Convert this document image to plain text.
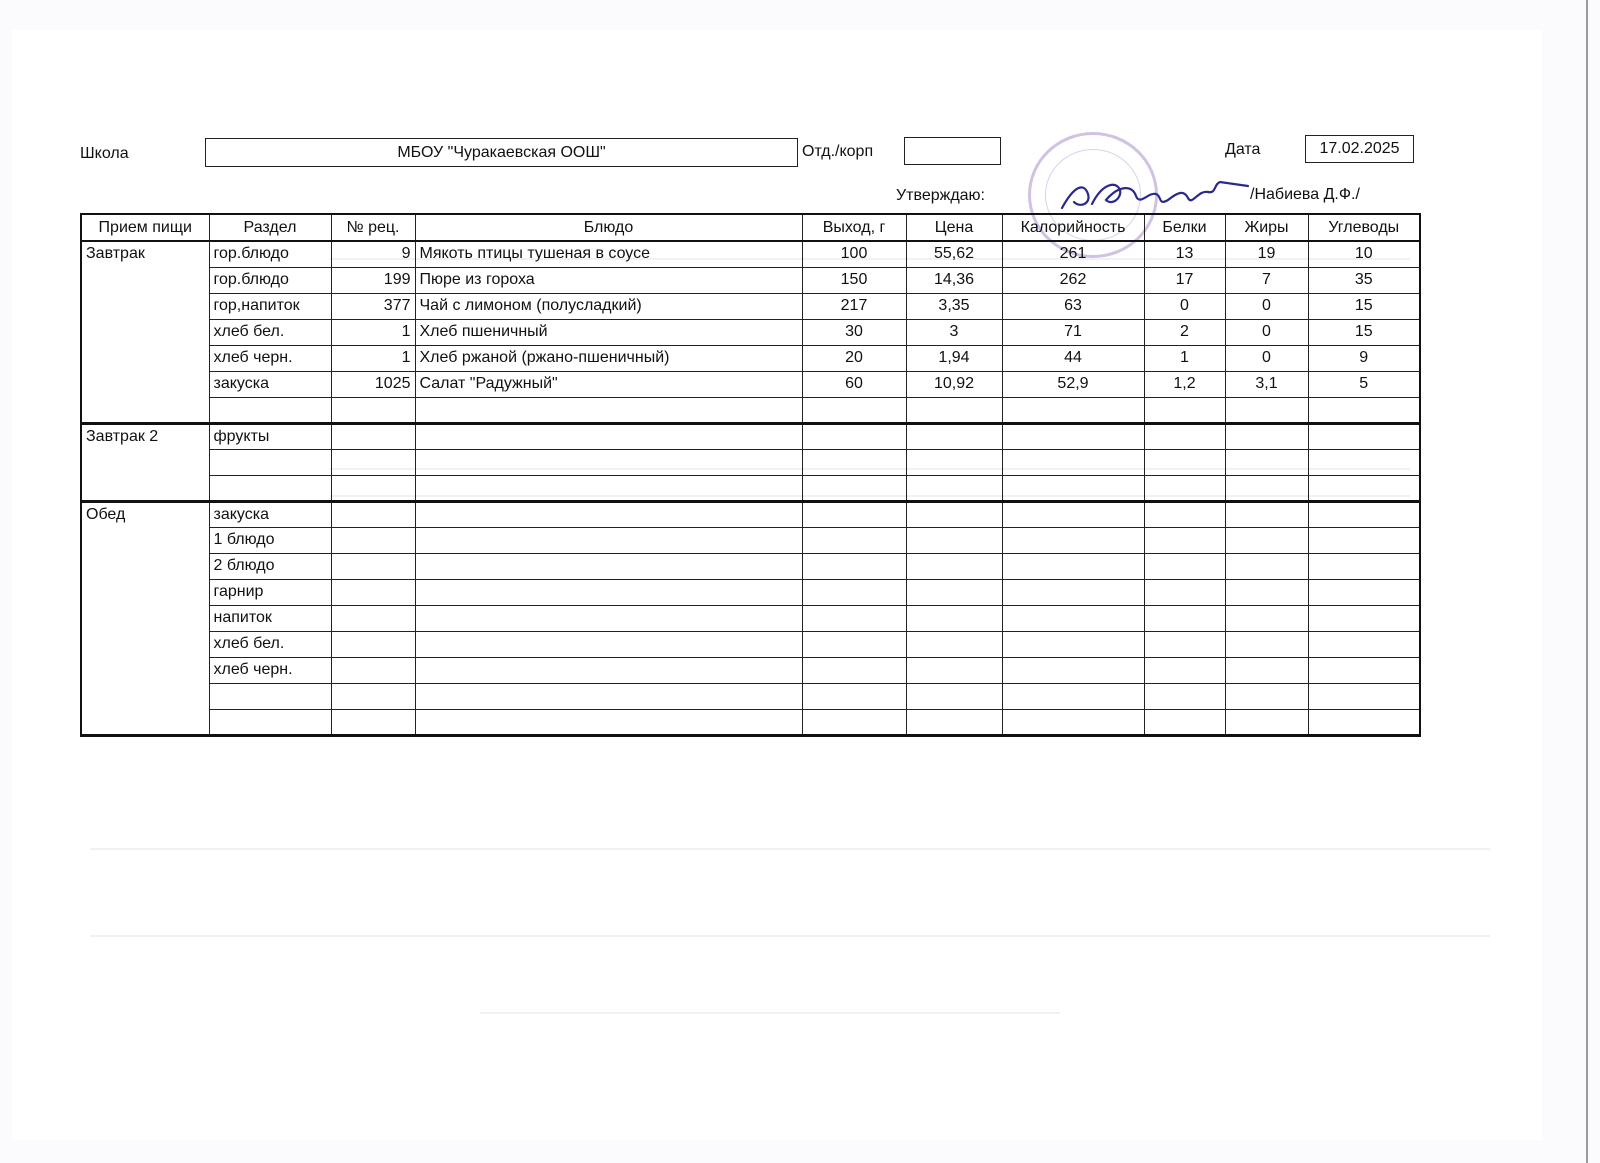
Школа	МБОУ "Чуракаевская ООШ"	Отд./корп	Дата	17.02.2025
Утверждаю:	/Набиева Д.Ф./
Прием пищи	Раздел	№ рец.	Блюдо	Выход, г	Цена	Калорийность	Белки	Жиры	Углеводы
Завтрак	гор.блюдо	9	Мякоть птицы тушеная в соусе	100	55,62	261	13	19	10
	гор.блюдо	199	Пюре из гороха	150	14,36	262	17	7	35
	гор,напиток	377	Чай с лимоном (полусладкий)	217	3,35	63	0	0	15
	хлеб бел.	1	Хлеб пшеничный	30	3	71	2	0	15
	хлеб черн.	1	Хлеб ржаной (ржано-пшеничный)	20	1,94	44	1	0	9
	закуска	1025	Салат "Радужный"	60	10,92	52,9	1,2	3,1	5

Завтрак 2	фрукты								

Обед	закуска								
	1 блюдо								
	2 блюдо								
	гарнир								
	напиток								
	хлеб бел.								
	хлеб черн.								
